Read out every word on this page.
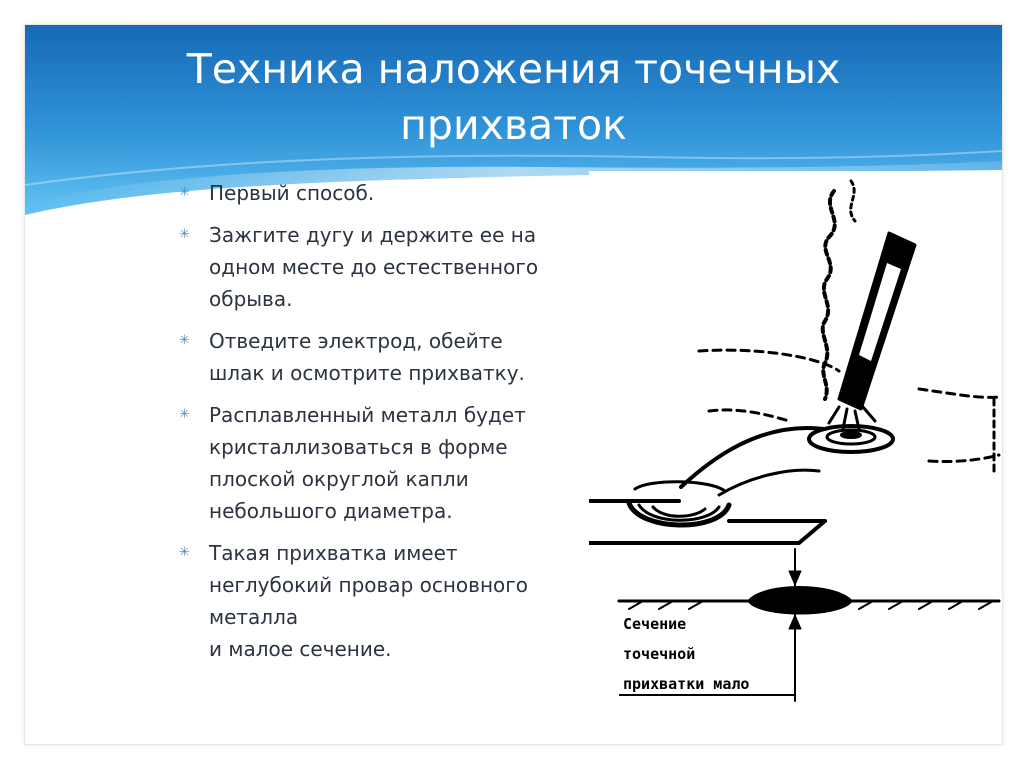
Техника наложения точечных
прихваток
✳ Первый способ.
✳ Зажгите дугу и держите ее на
одном месте до естественного
обрыва.
✳ Отведите электрод, обейте
шлак и осмотрите прихватку.
✳ Расплавленный металл будет
кристаллизоваться в форме
плоской округлой капли
небольшого диаметра.
✳ Такая прихватка имеет
неглубокий провар основного
металла
и малое сечение.
Сечение
точечной
прихватки мало
